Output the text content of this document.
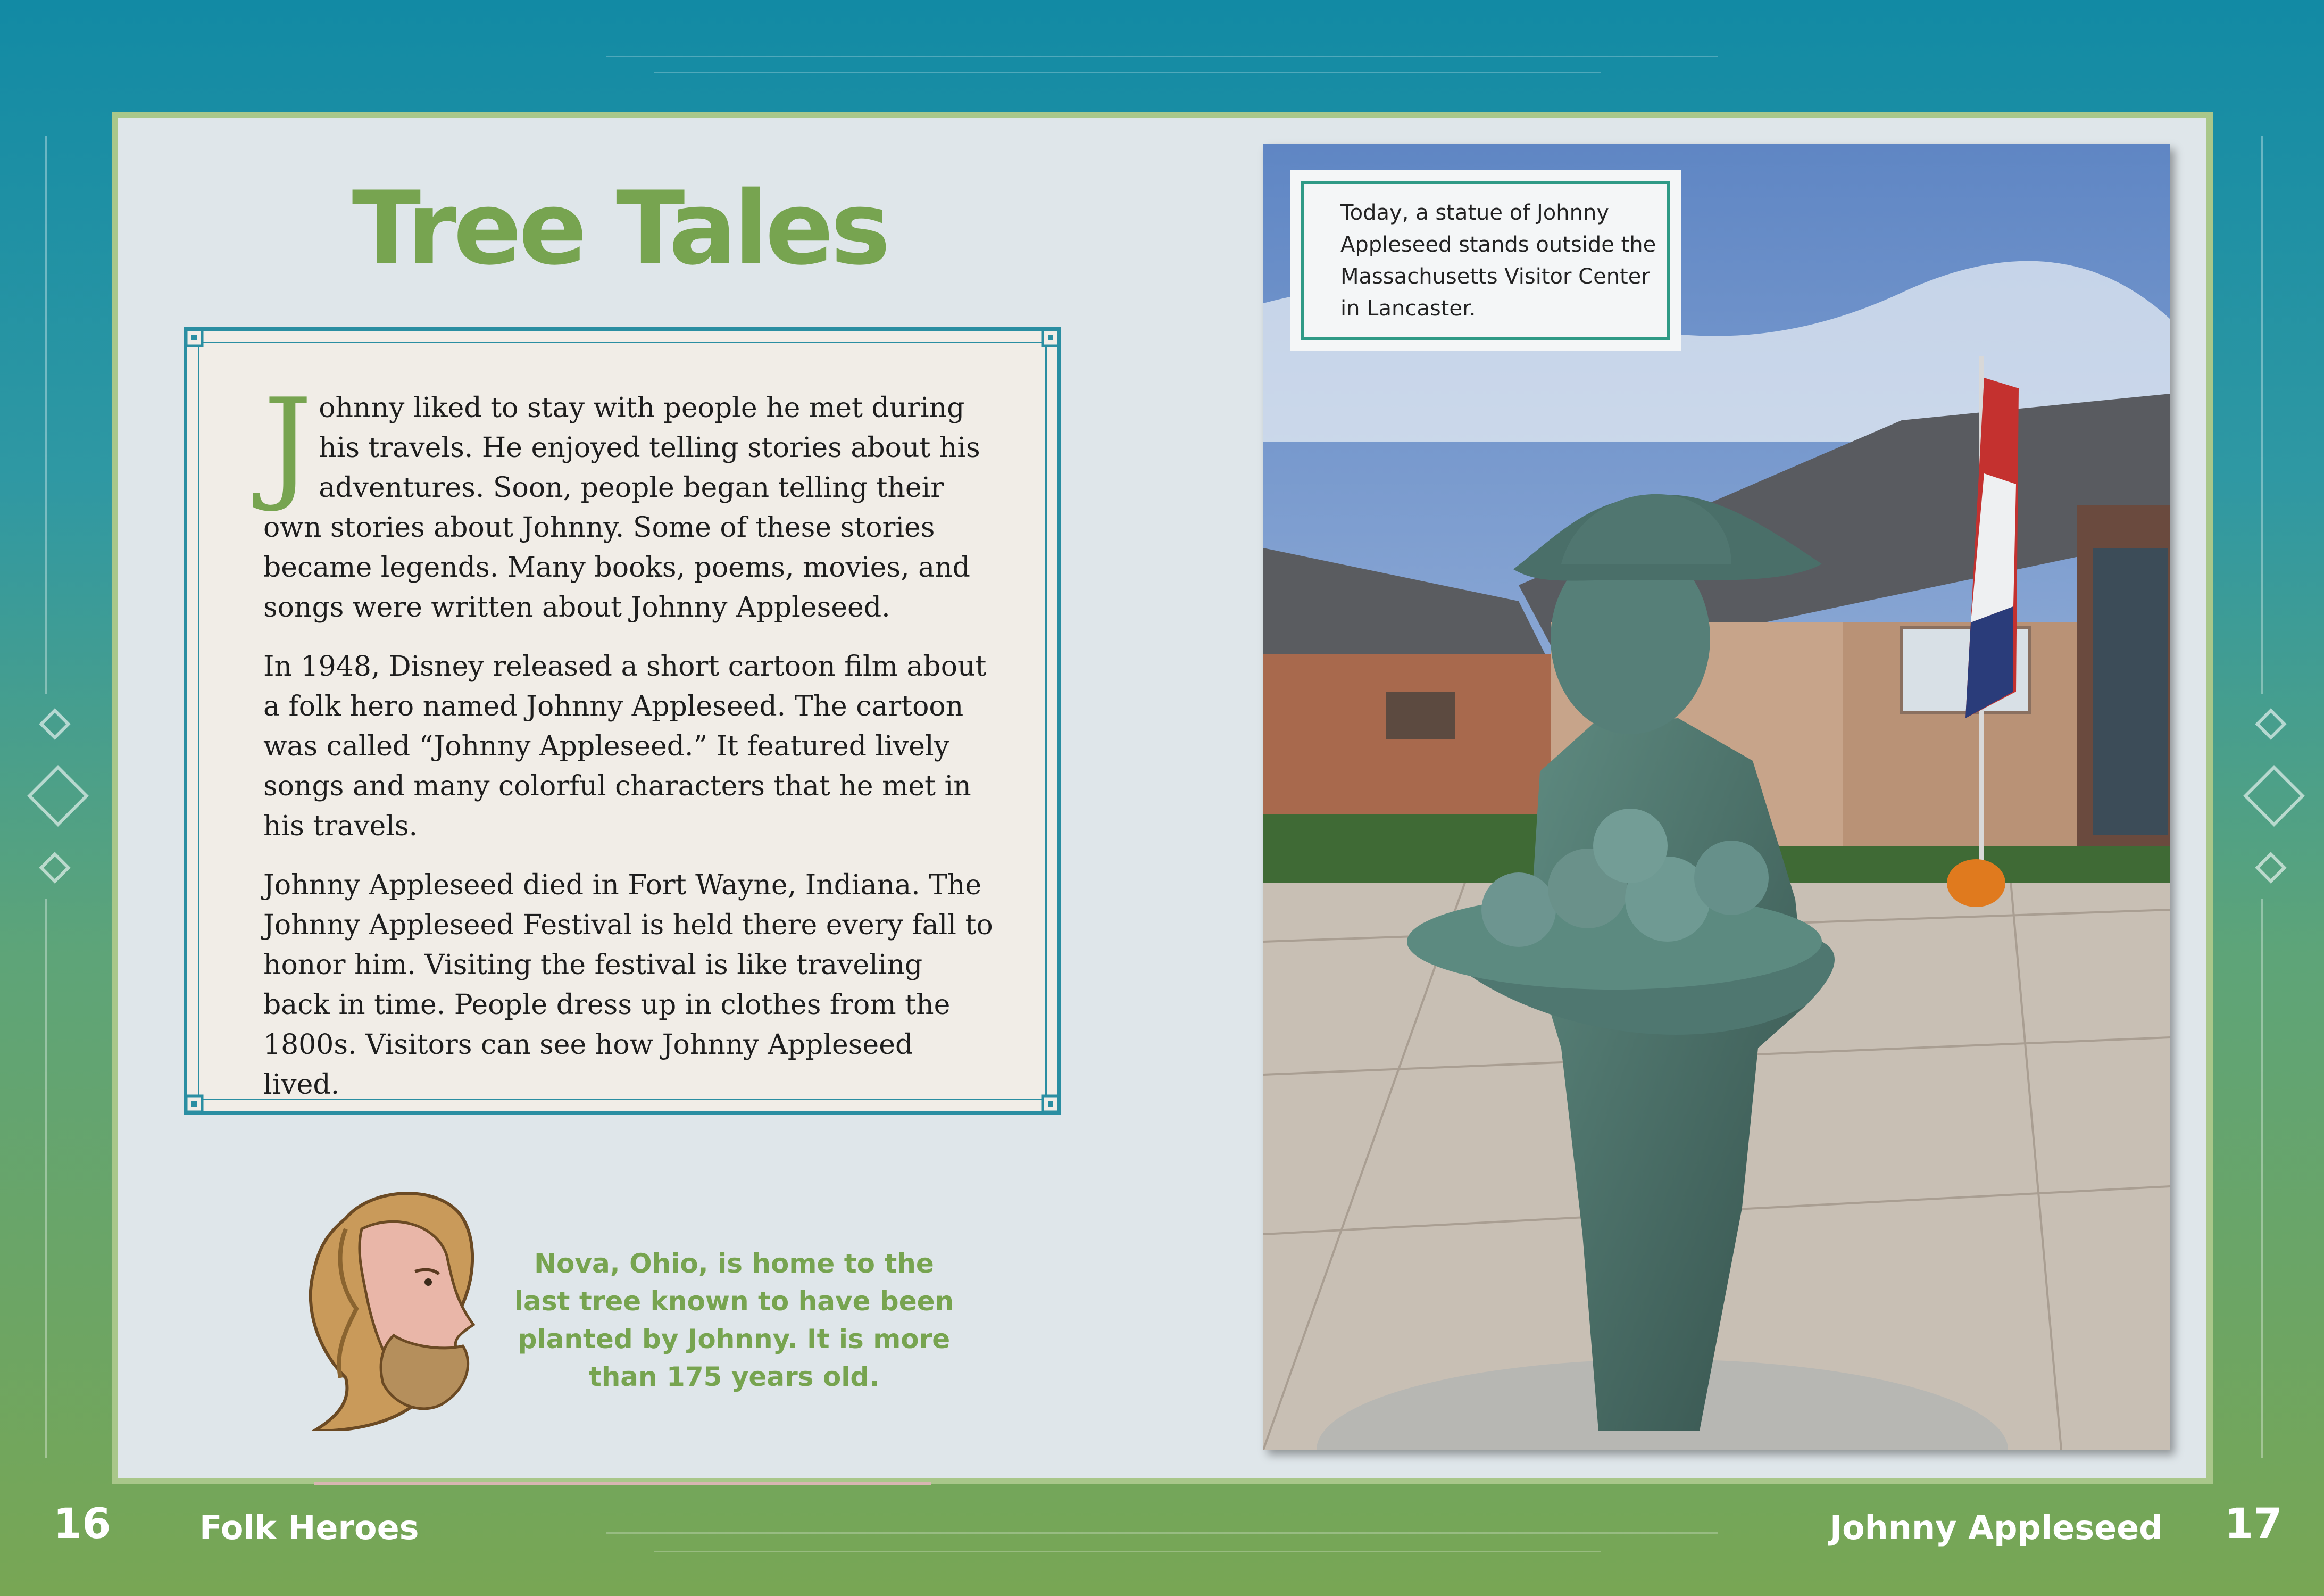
Tree Tales

Johnny liked to stay with people he met during his travels. He enjoyed telling stories about his adventures. Soon, people began telling their own stories about Johnny. Some of these stories became legends. Many books, poems, movies, and songs were written about Johnny Appleseed.

In 1948, Disney released a short cartoon film about a folk hero named Johnny Appleseed. The cartoon was called “Johnny Appleseed.” It featured lively songs and many colorful characters that he met in his travels.

Johnny Appleseed died in Fort Wayne, Indiana. The Johnny Appleseed Festival is held there every fall to honor him. Visiting the festival is like traveling back in time. People dress up in clothes from the 1800s. Visitors can see how Johnny Appleseed lived.

Nova, Ohio, is home to the last tree known to have been planted by Johnny. It is more than 175 years old.
Today, a statue of Johnny Appleseed stands outside the Massachusetts Visitor Center in Lancaster.
16	Folk Heroes	Johnny Appleseed 17
